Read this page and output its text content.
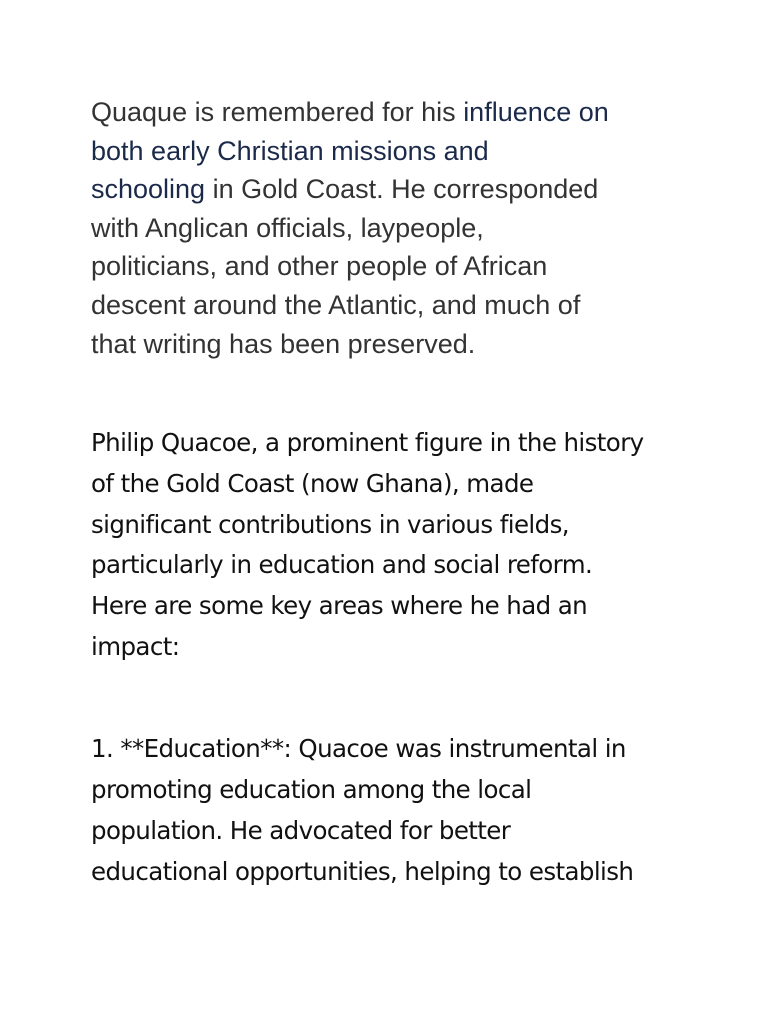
Quaque is remembered for his influence on
both early Christian missions and
schooling in Gold Coast. He corresponded
with Anglican officials, laypeople,
politicians, and other people of African
descent around the Atlantic, and much of
that writing has been preserved.

Philip Quacoe, a prominent figure in the history
of the Gold Coast (now Ghana), made
significant contributions in various fields,
particularly in education and social reform.
Here are some key areas where he had an
impact:

1. **Education**: Quacoe was instrumental in
promoting education among the local
population. He advocated for better
educational opportunities, helping to establish
